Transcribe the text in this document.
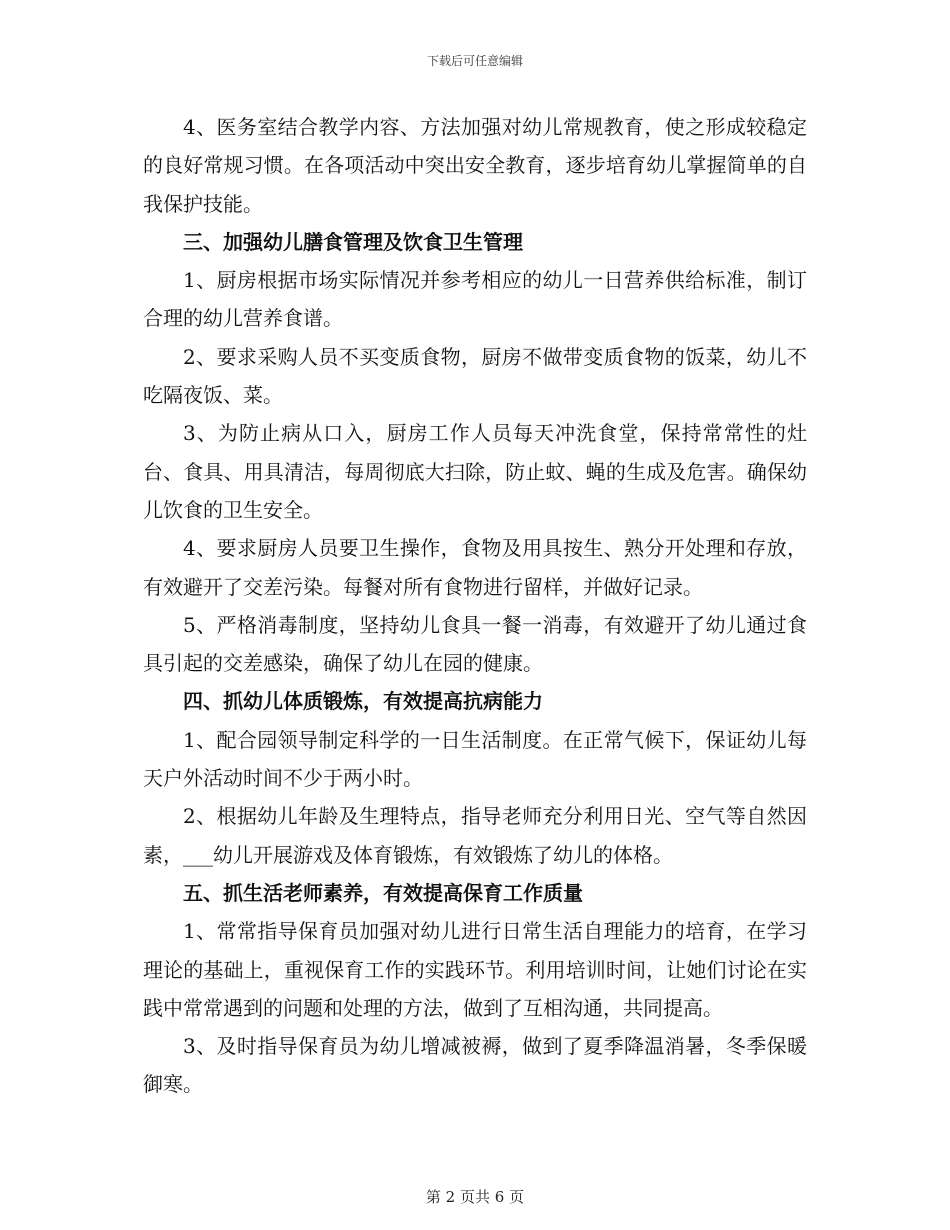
下载后可任意编辑

4、医务室结合教学内容、方法加强对幼儿常规教育，使之形成较稳定的良好常规习惯。在各项活动中突出安全教育，逐步培育幼儿掌握简单的自我保护技能。

三、加强幼儿膳食管理及饮食卫生管理

1、厨房根据市场实际情况并参考相应的幼儿一日营养供给标准，制订合理的幼儿营养食谱。

2、要求采购人员不买变质食物，厨房不做带变质食物的饭菜，幼儿不吃隔夜饭、菜。

3、为防止病从口入，厨房工作人员每天冲洗食堂，保持常常性的灶台、食具、用具清洁，每周彻底大扫除，防止蚊、蝇的生成及危害。确保幼儿饮食的卫生安全。

4、要求厨房人员要卫生操作，食物及用具按生、熟分开处理和存放，有效避开了交差污染。每餐对所有食物进行留样，并做好记录。

5、严格消毒制度，坚持幼儿食具一餐一消毒，有效避开了幼儿通过食具引起的交差感染，确保了幼儿在园的健康。

四、抓幼儿体质锻炼，有效提高抗病能力

1、配合园领导制定科学的一日生活制度。在正常气候下，保证幼儿每天户外活动时间不少于两小时。

2、根据幼儿年龄及生理特点，指导老师充分利用日光、空气等自然因素，___幼儿开展游戏及体育锻炼，有效锻炼了幼儿的体格。

五、抓生活老师素养，有效提高保育工作质量

1、常常指导保育员加强对幼儿进行日常生活自理能力的培育，在学习理论的基础上，重视保育工作的实践环节。利用培训时间，让她们讨论在实践中常常遇到的问题和处理的方法，做到了互相沟通，共同提高。

3、及时指导保育员为幼儿增减被褥，做到了夏季降温消暑，冬季保暖御寒。

第 2 页共 6 页
